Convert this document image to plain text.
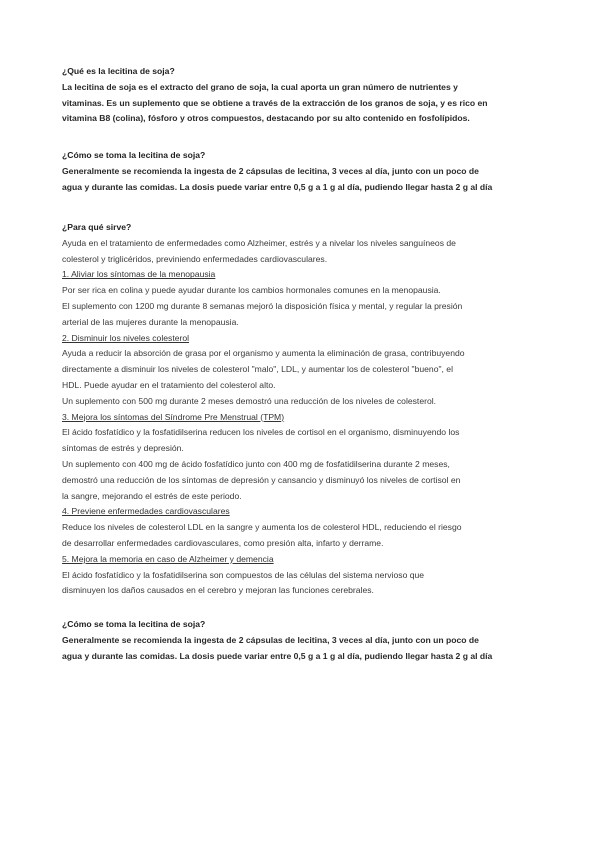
¿Qué es la lecitina de soja?

La lecitina de soja es el extracto del grano de soja, la cual aporta un gran número de nutrientes y

vitaminas. Es un suplemento que se obtiene a través de la extracción de los granos de soja, y es rico en

vitamina B8 (colina), fósforo y otros compuestos, destacando por su alto contenido en fosfolípidos.

¿Cómo se toma la lecitina de soja?

Generalmente se recomienda la ingesta de 2 cápsulas de lecitina, 3 veces al día, junto con un poco de

agua y durante las comidas. La dosis puede variar entre 0,5 g a 1 g al día, pudiendo llegar hasta 2 g al día

¿Para qué sirve?

Ayuda en el tratamiento de enfermedades como Alzheimer, estrés y a nivelar los niveles sanguíneos de

colesterol y triglicéridos, previniendo enfermedades cardiovasculares.

1. Aliviar los síntomas de la menopausia

Por ser rica en colina y puede ayudar durante los cambios hormonales comunes en la menopausia.

El suplemento con 1200 mg durante 8 semanas mejoró la disposición física y mental, y regular la presión

arterial de las mujeres durante la menopausia.

2. Disminuir los niveles colesterol

Ayuda a reducir la absorción de grasa por el organismo y aumenta la eliminación de grasa, contribuyendo

directamente a disminuir los niveles de colesterol "malo", LDL, y aumentar los de colesterol "bueno", el

HDL. Puede ayudar en el tratamiento del colesterol alto.

Un suplemento con 500 mg durante 2 meses demostró una reducción de los niveles de colesterol.

3. Mejora los síntomas del Síndrome Pre Menstrual (TPM)

El ácido fosfatídico y la fosfatidilserina reducen los niveles de cortisol en el organismo, disminuyendo los

síntomas de estrés y depresión.

Un suplemento con 400 mg de ácido fosfatídico junto con 400 mg de fosfatidilserina durante 2 meses,

demostró una reducción de los síntomas de depresión y cansancio y disminuyó los niveles de cortisol en

la sangre, mejorando el estrés de este periodo.

4. Previene enfermedades cardiovasculares

Reduce los niveles de colesterol LDL en la sangre y aumenta los de colesterol HDL, reduciendo el riesgo

de desarrollar enfermedades cardiovasculares, como presión alta, infarto y derrame.

5. Mejora la memoria en caso de Alzheimer y demencia

El ácido fosfatídico y la fosfatidilserina son compuestos de las células del sistema nervioso que

disminuyen los daños causados en el cerebro y mejoran las funciones cerebrales.

¿Cómo se toma la lecitina de soja?

Generalmente se recomienda la ingesta de 2 cápsulas de lecitina, 3 veces al día, junto con un poco de

agua y durante las comidas. La dosis puede variar entre 0,5 g a 1 g al día, pudiendo llegar hasta 2 g al día
